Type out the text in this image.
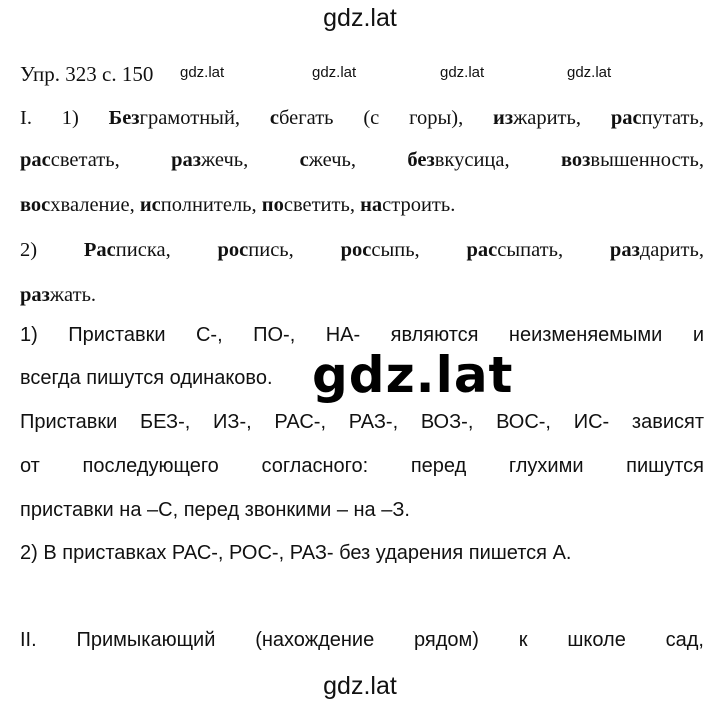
gdz.lat
Упр. 323 с. 150	gdz.lat	gdz.lat	gdz.lat	gdz.lat
I. 1) Безграмотный, сбегать (с горы), изжарить, распутать,
рассветать, разжечь, сжечь, безвкусица, возвышенность,
восхваление, исполнитель, посветить, настроить.
2) Расписка, роспись, россыпь, рассыпать, раздарить,
разжать.
1) Приставки С-, ПО-, НА- являются неизменяемыми и
всегда пишутся одинаково.
Приставки БЕЗ-, ИЗ-, РАС-, РАЗ-, ВОЗ-, ВОС-, ИС- зависят
от последующего согласного: перед глухими пишутся
приставки на –С, перед звонкими – на –З.
2) В приставках РАС-, РОС-, РАЗ- без ударения пишется А.
II. Примыкающий (нахождение рядом) к школе сад,
gdz.lat
gdz.lat
